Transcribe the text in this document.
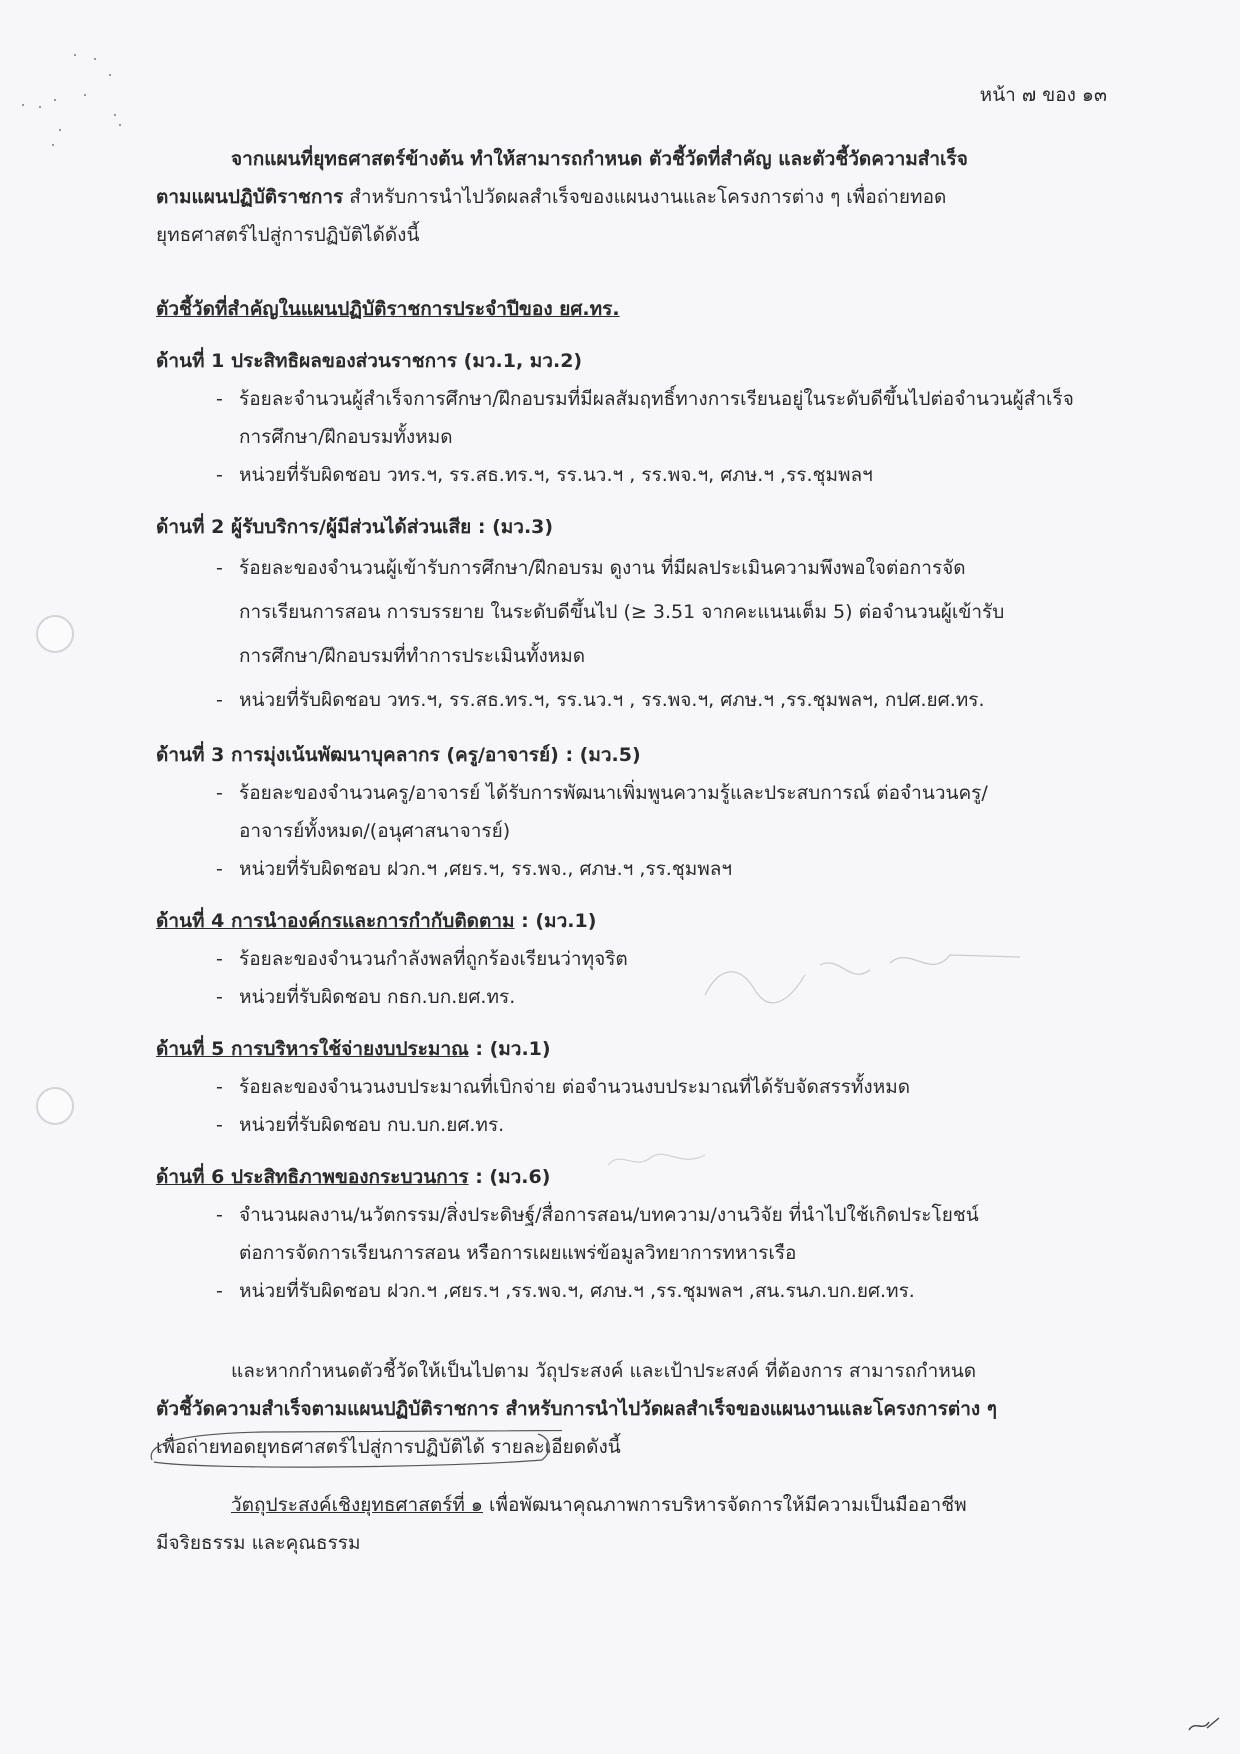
หน้า ๗ ของ ๑๓

จากแผนที่ยุทธศาสตร์ข้างต้น ทำให้สามารถกำหนด ตัวชี้วัดที่สำคัญ และตัวชี้วัดความสำเร็จ

ตามแผนปฏิบัติราชการ สำหรับการนำไปวัดผลสำเร็จของแผนงานและโครงการต่าง ๆ เพื่อถ่ายทอด

ยุทธศาสตร์ไปสู่การปฏิบัติได้ดังนี้

ตัวชี้วัดที่สำคัญในแผนปฏิบัติราชการประจำปีของ ยศ.ทร.

ด้านที่ 1 ประสิทธิผลของส่วนราชการ (มว.1, มว.2)

- ร้อยละจำนวนผู้สำเร็จการศึกษา/ฝึกอบรมที่มีผลสัมฤทธิ์ทางการเรียนอยู่ในระดับดีขึ้นไปต่อจำนวนผู้สำเร็จ

การศึกษา/ฝึกอบรมทั้งหมด

- หน่วยที่รับผิดชอบ วทร.ฯ, รร.สธ.ทร.ฯ, รร.นว.ฯ , รร.พจ.ฯ, ศภษ.ฯ ,รร.ชุมพลฯ

ด้านที่ 2 ผู้รับบริการ/ผู้มีส่วนได้ส่วนเสีย : (มว.3)

- ร้อยละของจำนวนผู้เข้ารับการศึกษา/ฝึกอบรม ดูงาน ที่มีผลประเมินความพึงพอใจต่อการจัด

การเรียนการสอน การบรรยาย ในระดับดีขึ้นไป (≥ 3.51 จากคะแนนเต็ม 5) ต่อจำนวนผู้เข้ารับ

การศึกษา/ฝึกอบรมที่ทำการประเมินทั้งหมด

- หน่วยที่รับผิดชอบ วทร.ฯ, รร.สธ.ทร.ฯ, รร.นว.ฯ , รร.พจ.ฯ, ศภษ.ฯ ,รร.ชุมพลฯ, กปศ.ยศ.ทร.

ด้านที่ 3 การมุ่งเน้นพัฒนาบุคลากร (ครู/อาจารย์) : (มว.5)

- ร้อยละของจำนวนครู/อาจารย์ ได้รับการพัฒนาเพิ่มพูนความรู้และประสบการณ์ ต่อจำนวนครู/

อาจารย์ทั้งหมด/(อนุศาสนาจารย์)

- หน่วยที่รับผิดชอบ ฝวก.ฯ ,ศยร.ฯ, รร.พจ., ศภษ.ฯ ,รร.ชุมพลฯ

ด้านที่ 4 การนำองค์กรและการกำกับติดตาม : (มว.1)

- ร้อยละของจำนวนกำลังพลที่ถูกร้องเรียนว่าทุจริต

- หน่วยที่รับผิดชอบ กธก.บก.ยศ.ทร.

ด้านที่ 5 การบริหารใช้จ่ายงบประมาณ : (มว.1)

- ร้อยละของจำนวนงบประมาณที่เบิกจ่าย ต่อจำนวนงบประมาณที่ได้รับจัดสรรทั้งหมด

- หน่วยที่รับผิดชอบ กบ.บก.ยศ.ทร.

ด้านที่ 6 ประสิทธิภาพของกระบวนการ : (มว.6)

- จำนวนผลงาน/นวัตกรรม/สิ่งประดิษฐ์/สื่อการสอน/บทความ/งานวิจัย ที่นำไปใช้เกิดประโยชน์

ต่อการจัดการเรียนการสอน หรือการเผยแพร่ข้อมูลวิทยาการทหารเรือ

- หน่วยที่รับผิดชอบ ฝวก.ฯ ,ศยร.ฯ ,รร.พจ.ฯ, ศภษ.ฯ ,รร.ชุมพลฯ ,สน.รนภ.บก.ยศ.ทร.

และหากกำหนดตัวชี้วัดให้เป็นไปตาม วัถุประสงค์ และเป้าประสงค์ ที่ต้องการ สามารถกำหนด

ตัวชี้วัดความสำเร็จตามแผนปฏิบัติราชการ สำหรับการนำไปวัดผลสำเร็จของแผนงานและโครงการต่าง ๆ

เพื่อถ่ายทอดยุทธศาสตร์ไปสู่การปฏิบัติได้ รายละเอียดดังนี้

วัตถุประสงค์เชิงยุทธศาสตร์ที่ ๑ เพื่อพัฒนาคุณภาพการบริหารจัดการให้มีความเป็นมืออาชีพ

มีจริยธรรม และคุณธรรม
